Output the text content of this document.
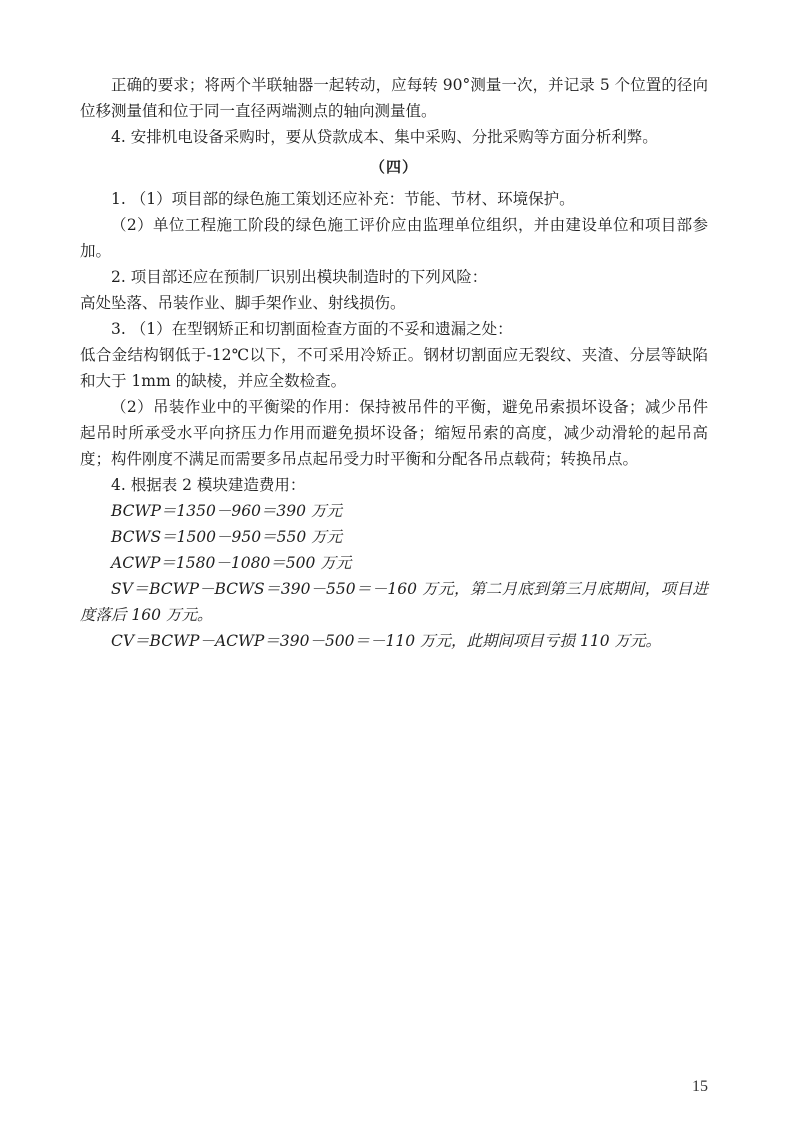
正确的要求；将两个半联轴器一起转动，应每转 90°测量一次，并记录 5 个位置的径向位移测量值和位于同一直径两端测点的轴向测量值。

4. 安排机电设备采购时，要从贷款成本、集中采购、分批采购等方面分析利弊。

（四）

1. （1）项目部的绿色施工策划还应补充：节能、节材、环境保护。

（2）单位工程施工阶段的绿色施工评价应由监理单位组织，并由建设单位和项目部参加。

2. 项目部还应在预制厂识别出模块制造时的下列风险：

高处坠落、吊装作业、脚手架作业、射线损伤。

3. （1）在型钢矫正和切割面检查方面的不妥和遗漏之处：

低合金结构钢低于-12℃以下，不可采用冷矫正。钢材切割面应无裂纹、夹渣、分层等缺陷和大于 1mm 的缺棱，并应全数检查。

（2）吊装作业中的平衡梁的作用：保持被吊件的平衡，避免吊索损坏设备；减少吊件起吊时所承受水平向挤压力作用而避免损坏设备；缩短吊索的高度，减少动滑轮的起吊高度；构件刚度不满足而需要多吊点起吊受力时平衡和分配各吊点载荷；转换吊点。

4. 根据表 2 模块建造费用：

BCWP＝1350－960＝390 万元

BCWS＝1500－950＝550 万元

ACWP＝1580－1080＝500 万元

SV＝BCWP－BCWS＝390－550＝－160 万元，第二月底到第三月底期间，项目进度落后 160 万元。

CV＝BCWP－ACWP＝390－500＝－110 万元，此期间项目亏损 110 万元。

15
